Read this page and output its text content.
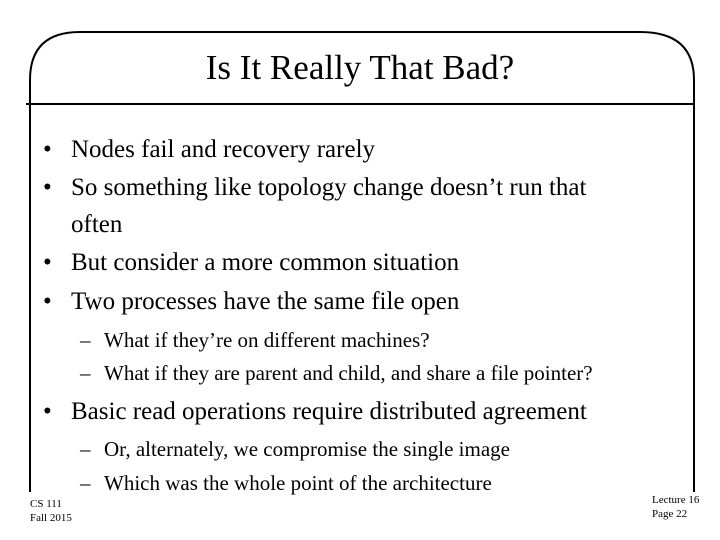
Is It Really That Bad?
• Nodes fail and recovery rarely
• So something like topology change doesn’t run that
often
• But consider a more common situation
• Two processes have the same file open
– What if they’re on different machines?
– What if they are parent and child, and share a file pointer?
• Basic read operations require distributed agreement
– Or, alternately, we compromise the single image
– Which was the whole point of the architecture
CS 111
Fall 2015
Lecture 16
Page 22
